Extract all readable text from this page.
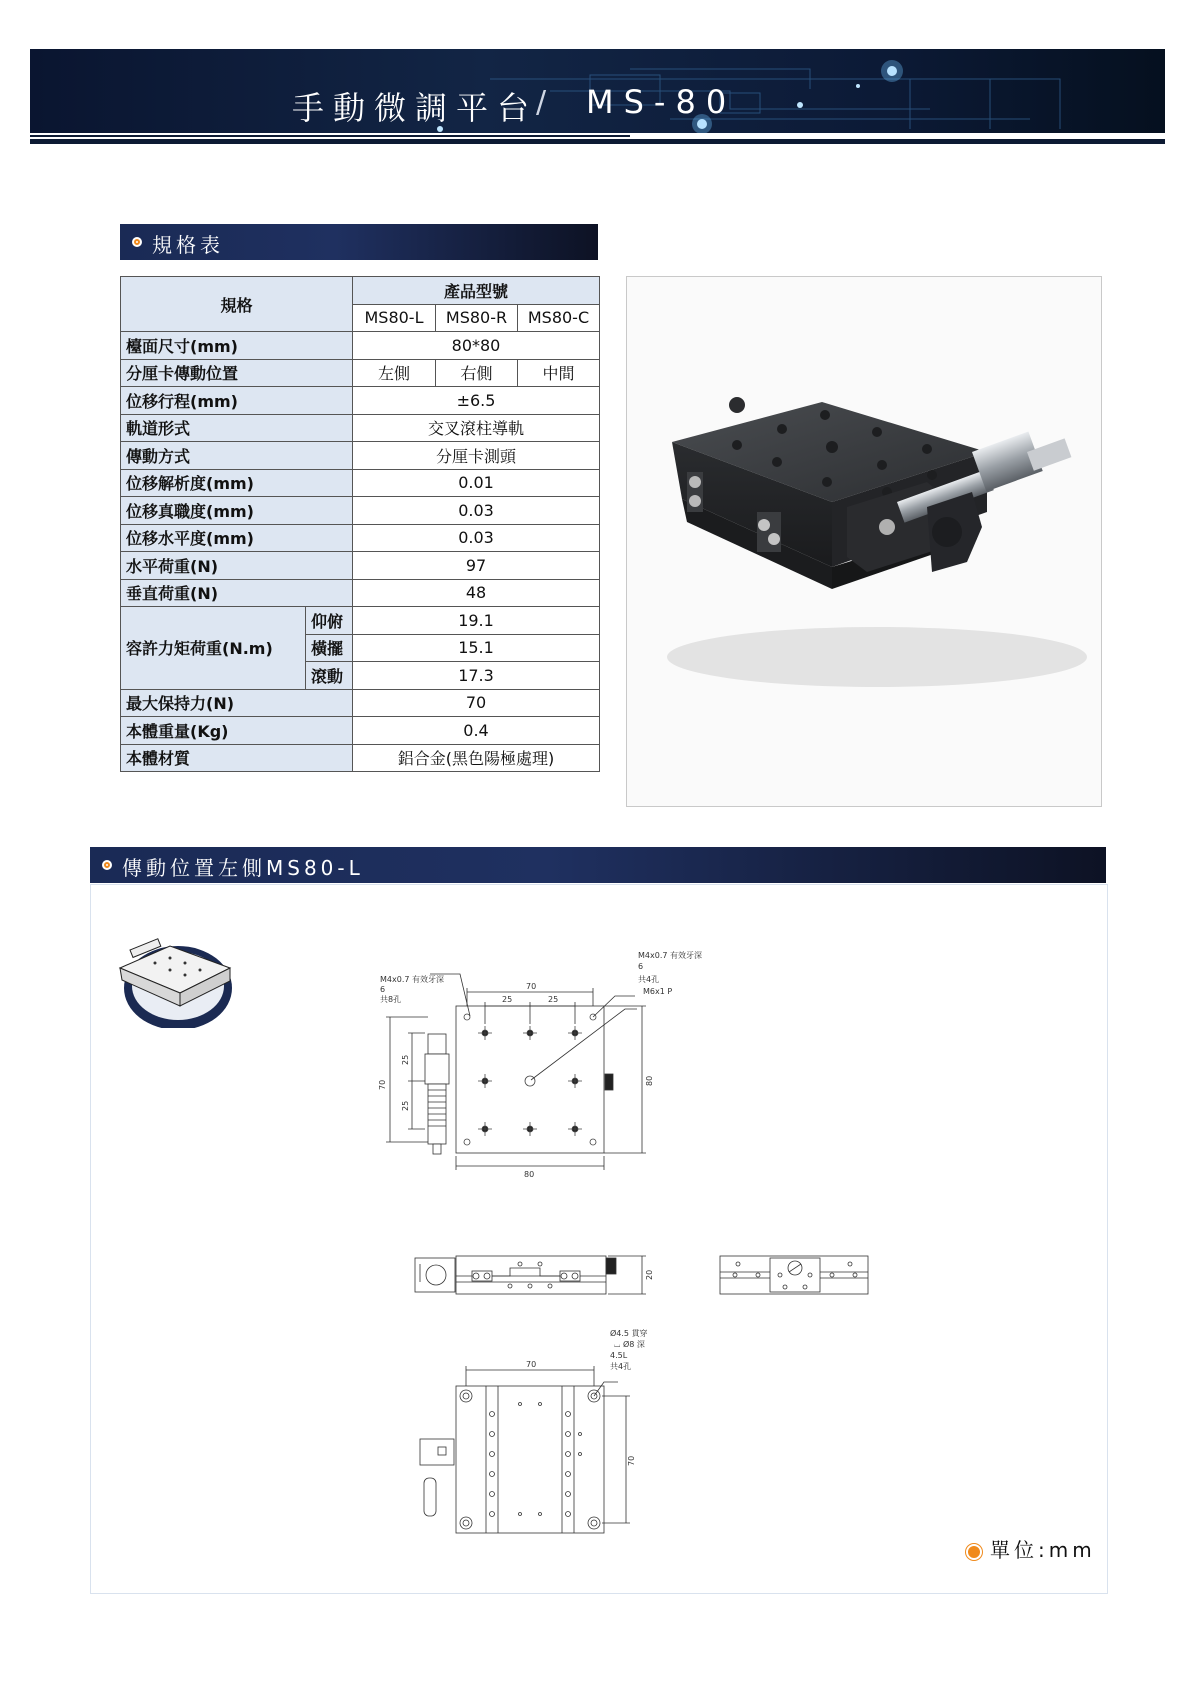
手動微調平台
/ MS-80
規格表
規格		產品型號		
		MS80-L	MS80-R	MS80-C
檯面尺寸(mm)		80*80		
分厘卡傳動位置		左側	右側	中間
位移行程(mm)		±6.5		
軌道形式		交叉滾柱導軌		
傳動方式		分厘卡測頭		
位移解析度(mm)		0.01		
位移真職度(mm)		0.03		
位移水平度(mm)		0.03		
水平荷重(N)		97		
垂直荷重(N)		48		
容許力矩荷重(N.m)	仰俯	19.1		
	橫擺	15.1		
	滾動	17.3		
最大保持力(N)		70		
本體重量(Kg)		0.4		
本體材質		鋁合金(黑色陽極處理)		
傳動位置左側MS80-L
70
25	25
80
70
25
25
80
M4x0.7 有效牙深
6
共8孔
M4x0.7 有效牙深
6
共4孔
M6x1 P
20
70
70
Ø4.5 貫穿
⌴ Ø8 深
4.5L
共4孔
單位:mm
